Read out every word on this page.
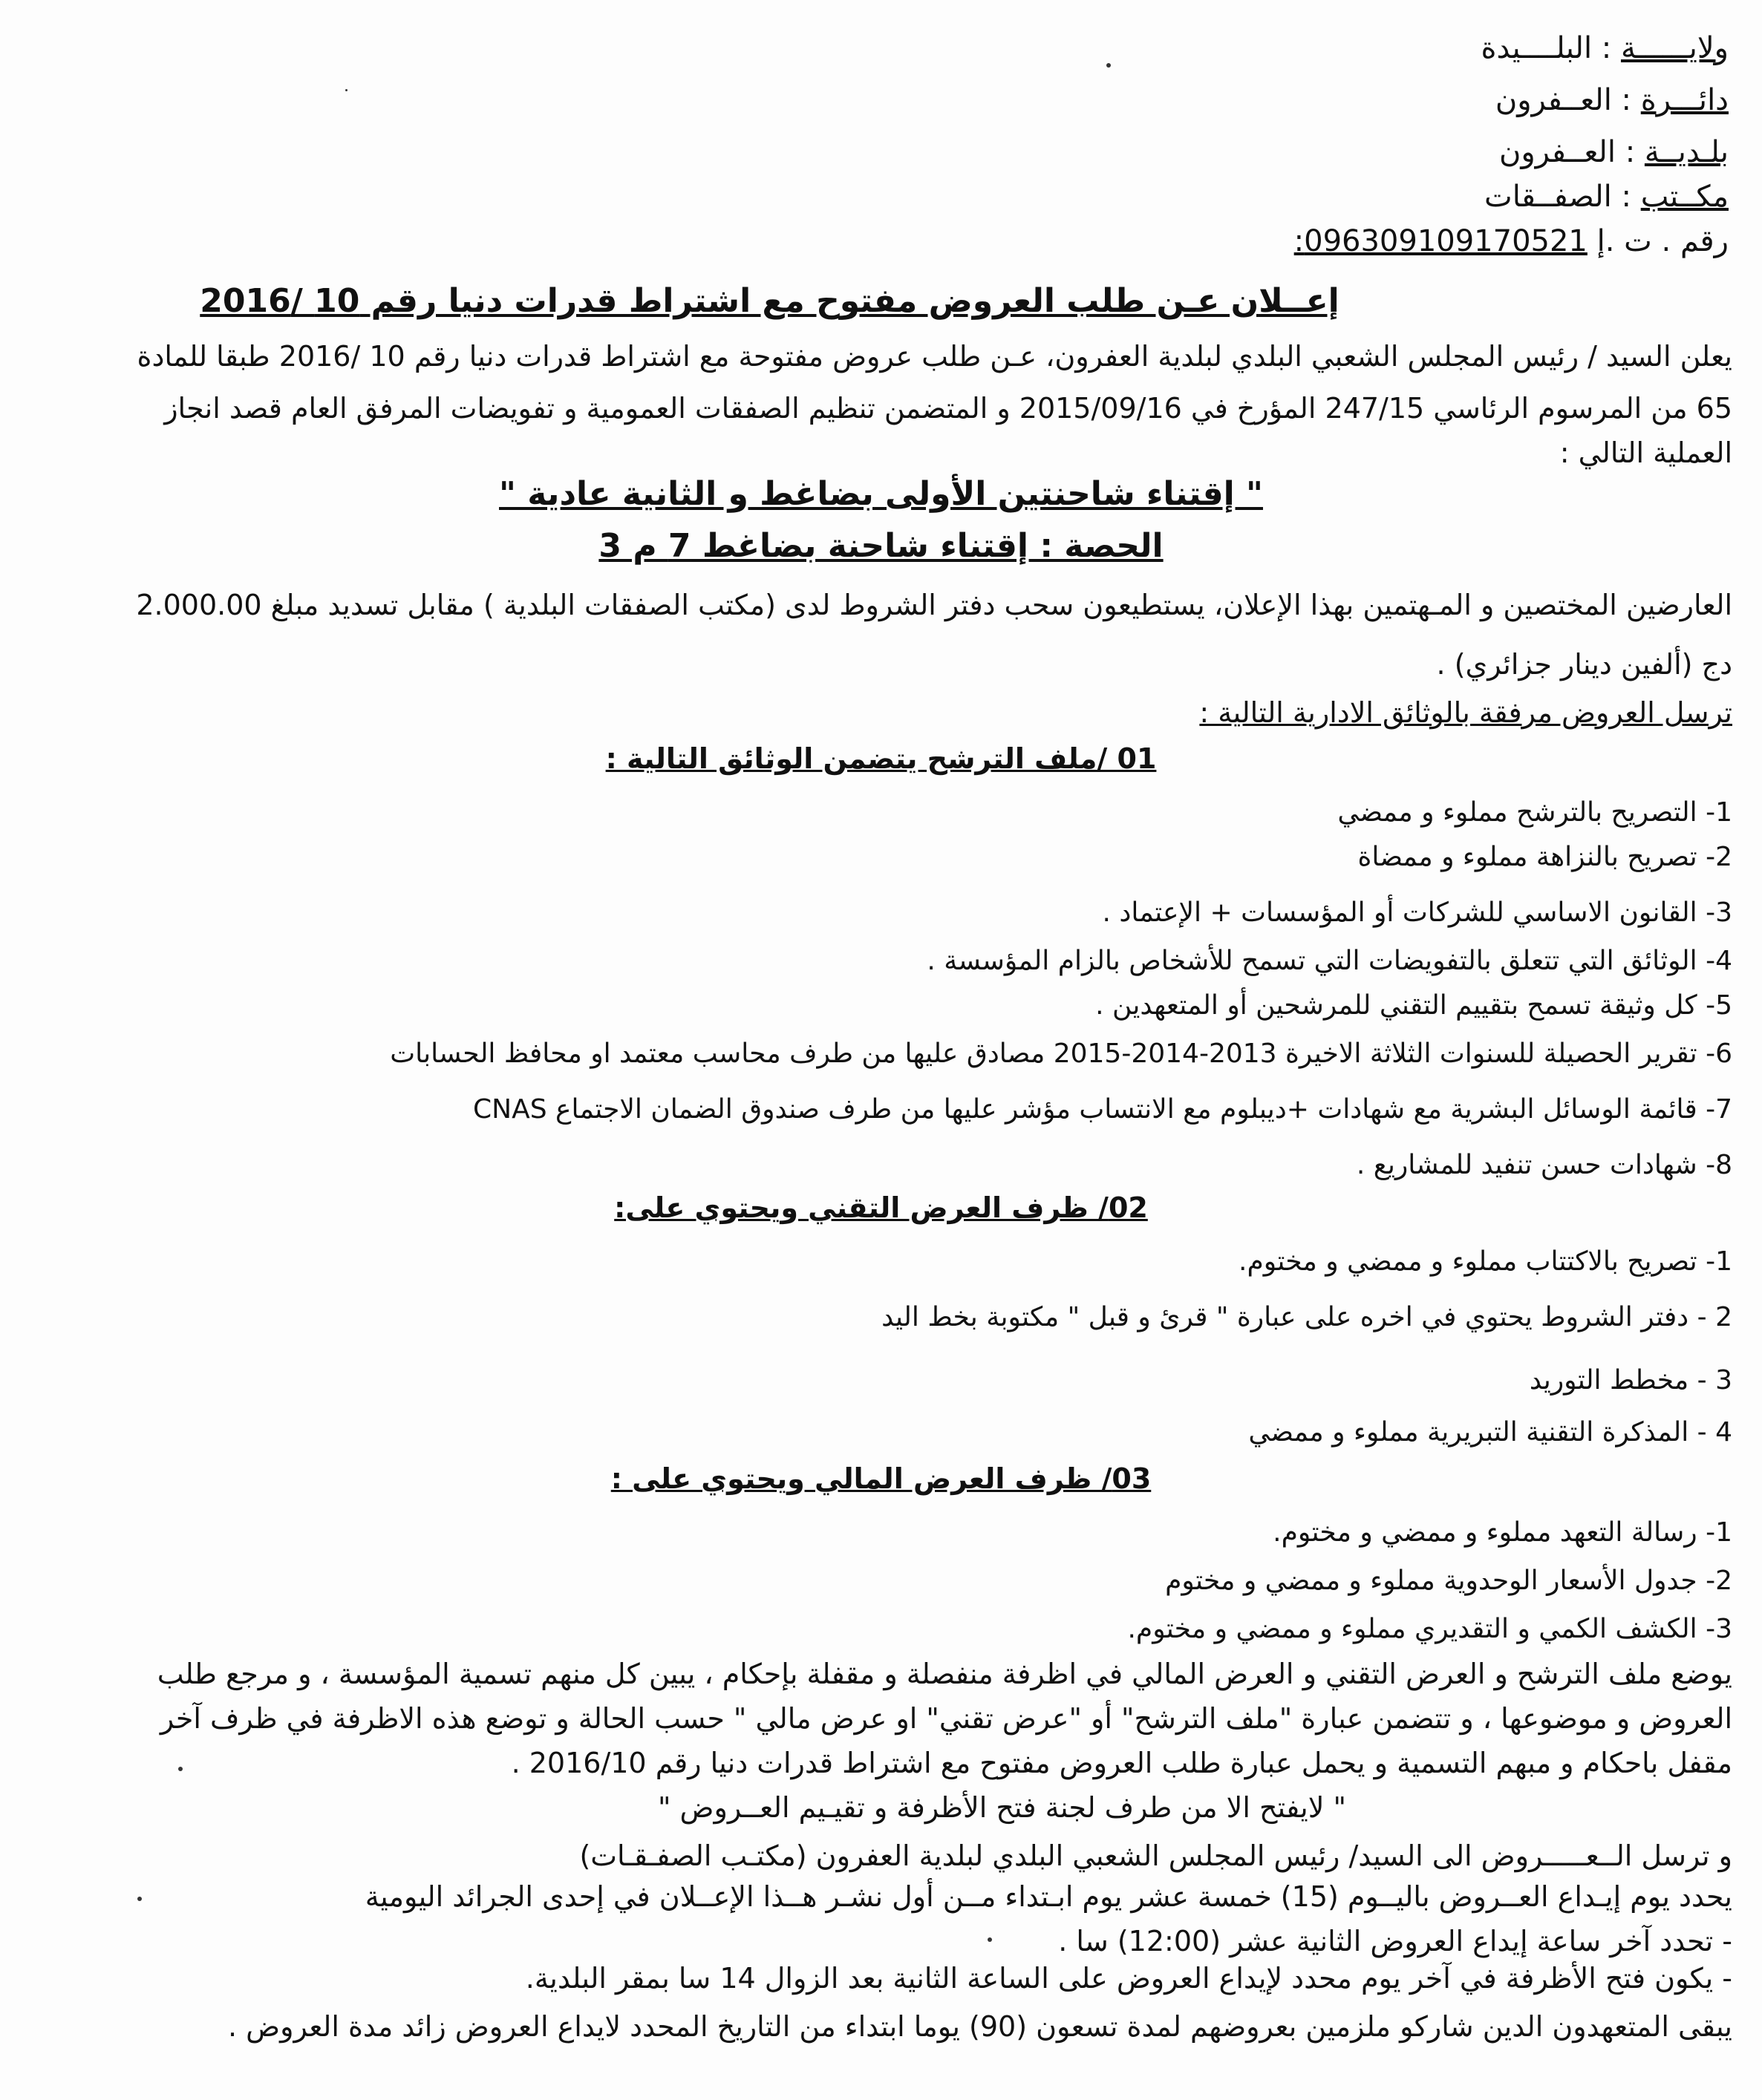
ولايــــــة : البلــــيدة
دائـــرة : العــفرون
بلـديــة : العــفرون
مكــتب : الصفــقات
رقم . ت .إ 096309109170521:
إعــلان عـن طلب العروض مفتوح مع اشتراط قدرات دنيا رقم 10 /2016
يعلن السيد / رئيس المجلس الشعبي البلدي لبلدية العفرون، عـن طلب عروض مفتوحة مع اشتراط قدرات دنيا رقم 10 /2016 طبقا للمادة
65 من المرسوم الرئاسي 247/15 المؤرخ في 2015/09/16 و المتضمن تنظيم الصفقات العمومية و تفويضات المرفق العام قصد انجاز
العملية التالي :
" إقتناء شاحنتين الأولى بضاغط و الثانية عادية "
الحصة : إقتناء شاحنة بضاغط 7 م 3
العارضين المختصين و المـهتمين بهذا الإعلان، يستطيعون سحب دفتر الشروط لدى (مكتب الصفقات البلدية ) مقابل تسديد مبلغ 2.000.00
دج (ألفين دينار جزائري) .
ترسل العروض مرفقة بالوثائق الادارية التالية :
01 /ملف الترشح يتضمن الوثائق التالية :
1- التصريح بالترشح مملوء و ممضي
2- تصريح بالنزاهة مملوء و ممضاة
3- القانون الاساسي للشركات أو المؤسسات + الإعتماد .
4- الوثائق التي تتعلق بالتفويضات التي تسمح للأشخاص بالزام المؤسسة .
5- كل وثيقة تسمح بتقييم التقني للمرشحين أو المتعهدين .
6- تقرير الحصيلة للسنوات الثلاثة الاخيرة 2013-2014-2015 مصادق عليها من طرف محاسب معتمد او محافظ الحسابات
7- قائمة الوسائل البشرية مع شهادات +ديبلوم مع الانتساب مؤشر عليها من طرف صندوق الضمان الاجتماع CNAS
8- شهادات حسن تنفيد للمشاريع .
02/ ظرف العرض التقني ويحتوي على:
1- تصريح بالاكتتاب مملوء و ممضي و مختوم.
2 - دفتر الشروط يحتوي في اخره على عبارة " قرئ و قبل " مكتوبة بخط اليد
3 - مخطط التوريد
4 - المذكرة التقنية التبريرية مملوء و ممضي
03/ ظرف العرض المالي ويحتوي على :
1- رسالة التعهد مملوء و ممضي و مختوم.
2- جدول الأسعار الوحدوية مملوء و ممضي و مختوم
3- الكشف الكمي و التقديري مملوء و ممضي و مختوم.
يوضع ملف الترشح و العرض التقني و العرض المالي في اظرفة منفصلة و مقفلة بإحكام ، يبين كل منهم تسمية المؤسسة ، و مرجع طلب
العروض و موضوعها ، و تتضمن عبارة "ملف الترشح" أو "عرض تقني" او عرض مالي " حسب الحالة و توضع هذه الاظرفة في ظرف آخر
مقفل باحكام و مبهم التسمية و يحمل عبارة طلب العروض مفتوح مع اشتراط قدرات دنيا رقم 2016/10 .
" لايفتح الا من طرف لجنة فتح الأظرفة و تقيـيم العــروض "
و ترسل الــعـــــروض الى السيد/ رئيس المجلس الشعبي البلدي لبلدية العفرون (مكتـب الصفـقـات)
يحدد يوم إيـداع العــروض باليــوم (15) خمسة عشر يوم ابـتداء مــن أول نشـر هــذا الإعــلان في إحدى الجرائد اليومية
- تحدد آخر ساعة إيداع العروض الثانية عشر (12:00) سا .
- يكون فتح الأظرفة في آخر يوم محدد لإيداع العروض على الساعة الثانية بعد الزوال 14 سا بمقر البلدية.
يبقى المتعهدون الدين شاركو ملزمين بعروضهم لمدة تسعون (90) يوما ابتداء من التاريخ المحدد لايداع العروض زائد مدة العروض .
